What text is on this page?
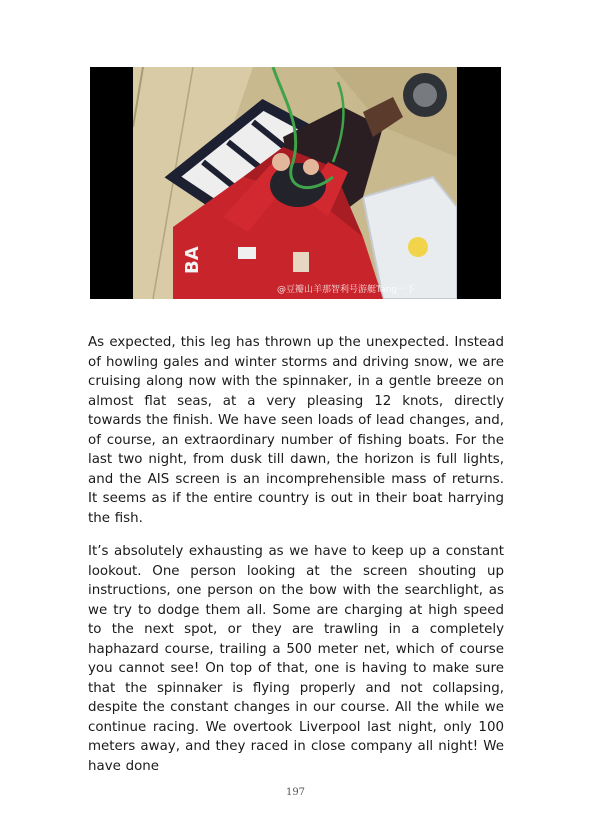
BA
@豆瓣山羊那智利号游艇Tang一下

As expected, this leg has thrown up the unexpected. Instead of howling gales and winter storms and driving snow, we are cruising along now with the spinnaker, in a gentle breeze on almost flat seas, at a very pleasing 12 knots, directly towards the finish. We have seen loads of lead changes, and, of course, an extraordinary number of fishing boats. For the last two night, from dusk till dawn, the horizon is full lights, and the AIS screen is an incomprehensible mass of returns. It seems as if the entire country is out in their boat harrying the fish.

It’s absolutely exhausting as we have to keep up a constant lookout. One person looking at the screen shouting up instructions, one person on the bow with the searchlight, as we try to dodge them all. Some are charging at high speed to the next spot, or they are trawling in a completely haphazard course, trailing a 500 meter net, which of course you cannot see! On top of that, one is having to make sure that the spinnaker is flying properly and not collapsing, despite the constant changes in our course. All the while we continue racing. We overtook Liverpool last night, only 100 meters away, and they raced in close company all night! We have done

197
